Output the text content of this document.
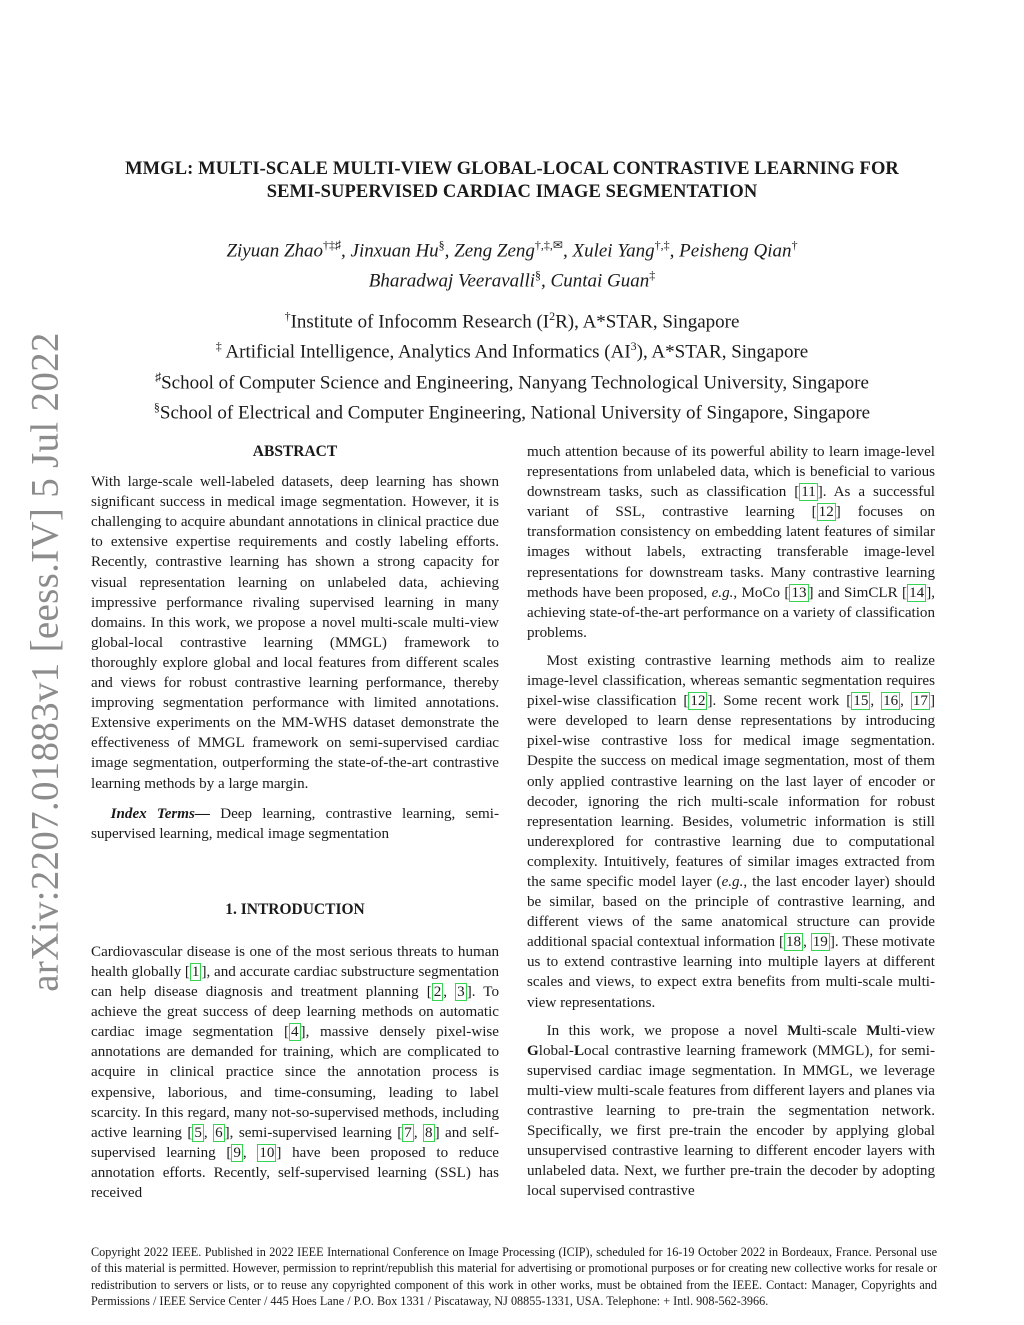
arXiv:2207.01883v1 [eess.IV] 5 Jul 2022
MMGL: MULTI-SCALE MULTI-VIEW GLOBAL-LOCAL CONTRASTIVE LEARNING FOR
SEMI-SUPERVISED CARDIAC IMAGE SEGMENTATION
Ziyuan Zhao†‡♯, Jinxuan Hu§, Zeng Zeng†,‡,✉, Xulei Yang†,‡, Peisheng Qian†
Bharadwaj Veeravalli§, Cuntai Guan‡
†Institute of Infocomm Research $(I^2R)$, A*STAR, Singapore
‡ Artificial Intelligence, Analytics And Informatics $(AI^3)$, A*STAR, Singapore
♯School of Computer Science and Engineering, Nanyang Technological University, Singapore
§School of Electrical and Computer Engineering, National University of Singapore, Singapore
ABSTRACT

With large-scale well-labeled datasets, deep learning has shown significant success in medical image segmentation. However, it is challenging to acquire abundant annotations in clinical practice due to extensive expertise requirements and costly labeling efforts. Recently, contrastive learning has shown a strong capacity for visual representation learning on unlabeled data, achieving impressive performance rivaling supervised learning in many domains. In this work, we propose a novel multi-scale multi-view global-local contrastive learning (MMGL) framework to thoroughly explore global and local features from different scales and views for robust contrastive learning performance, thereby improving segmentation performance with limited annotations. Extensive experiments on the MM-WHS dataset demonstrate the effectiveness of MMGL framework on semi-supervised cardiac image segmentation, outperforming the state-of-the-art contrastive learning methods by a large margin.

Index Terms— Deep learning, contrastive learning, semi-supervised learning, medical image segmentation

1. INTRODUCTION

Cardiovascular disease is one of the most serious threats to human health globally [ 1 ], and accurate cardiac substructure segmentation can help disease diagnosis and treatment planning [ 2 , 3 ]. To achieve the great success of deep learning methods on automatic cardiac image segmentation [ 4 ], massive densely pixel-wise annotations are demanded for training, which are complicated to acquire in clinical practice since the annotation process is expensive, laborious, and time-consuming, leading to label scarcity. In this regard, many not-so-supervised methods, including active learning [ 5 , 6 ], semi-supervised learning [ 7 , 8 ] and self-supervised learning [ 9 , 10 ] have been proposed to reduce annotation efforts. Recently, self-supervised learning (SSL) has received

much attention because of its powerful ability to learn image-level representations from unlabeled data, which is beneficial to various downstream tasks, such as classification [ 11 ]. As a successful variant of SSL, contrastive learning [ 12 ] focuses on transformation consistency on embedding latent features of similar images without labels, extracting transferable image-level representations for downstream tasks. Many contrastive learning methods have been proposed, e.g., MoCo [ 13 ] and SimCLR [ 14 ], achieving state-of-the-art performance on a variety of classification problems.

Most existing contrastive learning methods aim to realize image-level classification, whereas semantic segmentation requires pixel-wise classification [ 12 ]. Some recent work [ 15 , 16 , 17 ] were developed to learn dense representations by introducing pixel-wise contrastive loss for medical image segmentation. Despite the success on medical image segmentation, most of them only applied contrastive learning on the last layer of encoder or decoder, ignoring the rich multi-scale information for robust representation learning. Besides, volumetric information is still underexplored for contrastive learning due to computational complexity. Intuitively, features of similar images extracted from the same specific model layer (e.g., the last encoder layer) should be similar, based on the principle of contrastive learning, and different views of the same anatomical structure can provide additional spacial contextual information [ 18 , 19 ]. These motivate us to extend contrastive learning into multiple layers at different scales and views, to expect extra benefits from multi-scale multi-view representations.

In this work, we propose a novel Multi-scale Multi-view Global-Local contrastive learning framework (MMGL), for semi-supervised cardiac image segmentation. In MMGL, we leverage multi-view multi-scale features from different layers and planes via contrastive learning to pre-train the segmentation network. Specifically, we first pre-train the encoder by applying global unsupervised contrastive learning to different encoder layers with unlabeled data. Next, we further pre-train the decoder by adopting local supervised contrastive

Copyright 2022 IEEE. Published in 2022 IEEE International Conference on Image Processing (ICIP), scheduled for 16-19 October 2022 in Bordeaux, France. Personal use of this material is permitted. However, permission to reprint/republish this material for advertising or promotional purposes or for creating new collective works for resale or redistribution to servers or lists, or to reuse any copyrighted component of this work in other works, must be obtained from the IEEE. Contact: Manager, Copyrights and Permissions / IEEE Service Center / 445 Hoes Lane / P.O. Box 1331 / Piscataway, NJ 08855-1331, USA. Telephone: + Intl. 908-562-3966.
